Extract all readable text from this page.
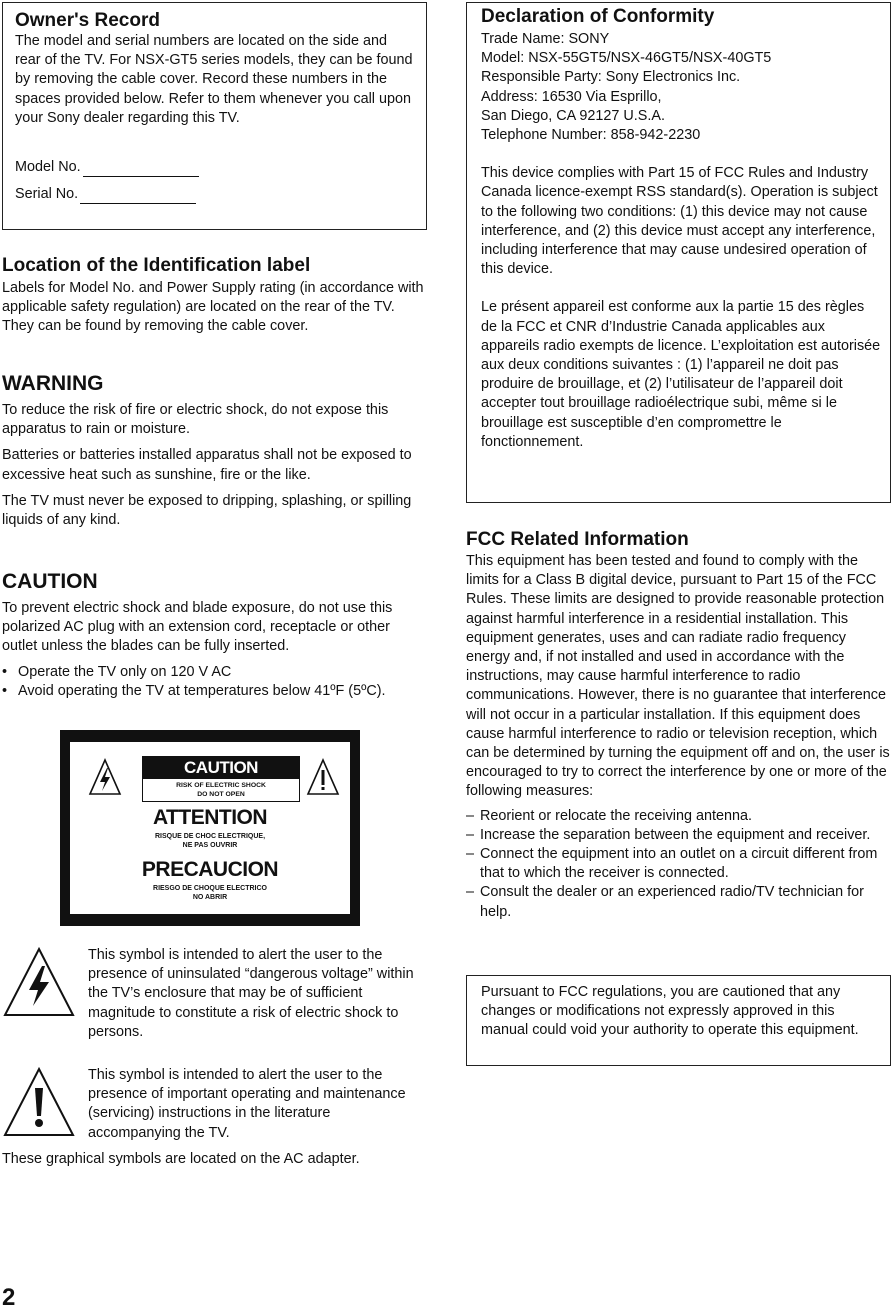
Owner's Record

The model and serial numbers are located on the side and rear of the TV. For NSX-GT5 series models, they can be found by removing the cable cover. Record these numbers in the spaces provided below. Refer to them whenever you call upon your Sony dealer regarding this TV.

Model No.
Serial No.
Location of the Identification label

Labels for Model No. and Power Supply rating (in accordance with applicable safety regulation) are located on the rear of the TV. They can be found by removing the cable cover.

WARNING

To reduce the risk of fire or electric shock, do not expose this apparatus to rain or moisture.

Batteries or batteries installed apparatus shall not be exposed to excessive heat such as sunshine, fire or the like.

The TV must never be exposed to dripping, splashing, or spilling liquids of any kind.

CAUTION

To prevent electric shock and blade exposure, do not use this polarized AC plug with an extension cord, receptacle or other outlet unless the blades can be fully inserted.

• Operate the TV only on 120 V AC
• Avoid operating the TV at temperatures below 41ºF (5ºC).
CAUTION
RISK OF ELECTRIC SHOCK
DO NOT OPEN
ATTENTION
RISQUE DE CHOC ELECTRIQUE,
NE PAS OUVRIR
PRECAUCION
RIESGO DE CHOQUE ELECTRICO
NO ABRIR

This symbol is intended to alert the user to the presence of uninsulated “dangerous voltage” within the TV’s enclosure that may be of sufficient magnitude to constitute a risk of electric shock to persons.

This symbol is intended to alert the user to the presence of important operating and maintenance (servicing) instructions in the literature accompanying the TV.

These graphical symbols are located on the AC adapter.

Declaration of Conformity

Trade Name: SONY

Model: NSX-55GT5/NSX-46GT5/NSX-40GT5

Responsible Party: Sony Electronics Inc.

Address: 16530 Via Esprillo,

San Diego, CA 92127 U.S.A.

Telephone Number: 858-942-2230

This device complies with Part 15 of FCC Rules and Industry Canada licence-exempt RSS standard(s). Operation is subject to the following two conditions: (1) this device may not cause interference, and (2) this device must accept any interference, including interference that may cause undesired operation of this device.

Le présent appareil est conforme aux la partie 15 des règles de la FCC et CNR d’Industrie Canada applicables aux appareils radio exempts de licence. L’exploitation est autorisée aux deux conditions suivantes : (1) l’appareil ne doit pas produire de brouillage, et (2) l’utilisateur de l’appareil doit accepter tout brouillage radioélectrique subi, même si le brouillage est susceptible d’en compromettre le fonctionnement.

FCC Related Information

This equipment has been tested and found to comply with the limits for a Class B digital device, pursuant to Part 15 of the FCC Rules. These limits are designed to provide reasonable protection against harmful interference in a residential installation. This equipment generates, uses and can radiate radio frequency energy and, if not installed and used in accordance with the instructions, may cause harmful interference to radio communications. However, there is no guarantee that interference will not occur in a particular installation. If this equipment does cause harmful interference to radio or television reception, which can be determined by turning the equipment off and on, the user is encouraged to try to correct the interference by one or more of the following measures:

– Reorient or relocate the receiving antenna.
– Increase the separation between the equipment and receiver.
– Connect the equipment into an outlet on a circuit different from that to which the receiver is connected.
– Consult the dealer or an experienced radio/TV technician for help.

Pursuant to FCC regulations, you are cautioned that any changes or modifications not expressly approved in this manual could void your authority to operate this equipment.

2
